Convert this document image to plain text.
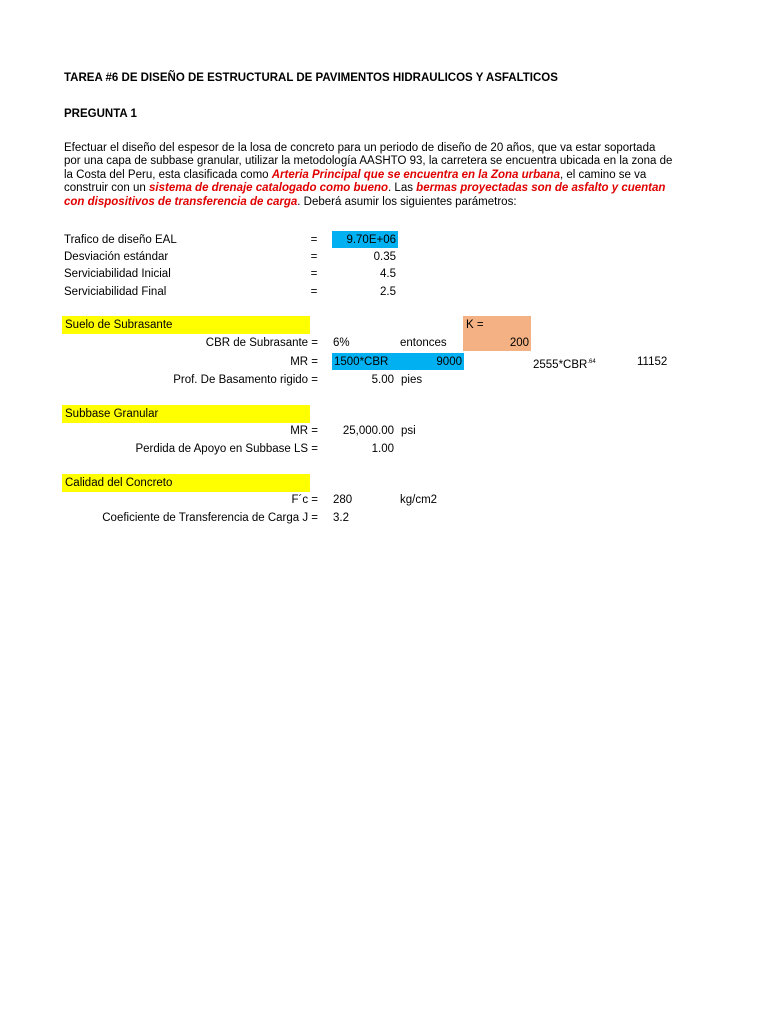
TAREA #6 DE DISEÑO DE ESTRUCTURAL DE PAVIMENTOS HIDRAULICOS Y ASFALTICOS
PREGUNTA 1
Efectuar el diseño del espesor de la losa de concreto para un periodo de diseño de 20 años, que va estar soportada por una capa de subbase granular, utilizar la metodología AASHTO 93, la carretera se encuentra ubicada en la zona de la Costa del Peru, esta clasificada como Arteria Principal que se encuentra en la Zona urbana, el camino se va construir con un sistema de drenaje catalogado como bueno. Las bermas proyectadas son de asfalto y cuentan con dispositivos de transferencia de carga. Deberá asumir los siguientes parámetros:
Trafico de diseño EAL	=	9.70E+06
Desviación estándar	=	0.35
Serviciabilidad Inicial	=	4.5
Serviciabilidad Final	=	2.5
Suelo de Subrasante	K =
CBR de Subrasante = 6%	entonces	200
MR = 1500*CBR	9000	$2555*CBR^{.64}$	11152
Prof. De Basamento rigido =	5.00 pies
Subbase Granular
MR =	25,000.00 psi
Perdida de Apoyo en Subbase LS =	1.00
Calidad del Concreto
F´c = 280	kg/cm2
Coeficiente de Transferencia de Carga J = 3.2
